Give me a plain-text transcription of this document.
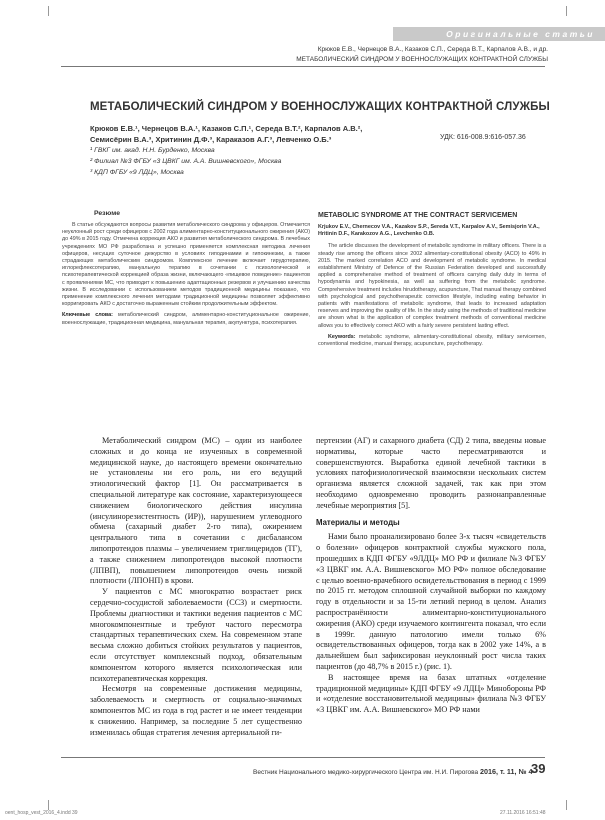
Оригинальные статьи
Крюков Е.В., Чернецов В.А., Казаков С.П., Середа В.Т., Карпалов А.В., и др.
МЕТАБОЛИЧЕСКИЙ СИНДРОМ У ВОЕННОСЛУЖАЩИХ КОНТРАКТНОЙ СЛУЖБЫ
МЕТАБОЛИЧЕСКИЙ СИНДРОМ У ВОЕННОСЛУЖАЩИХ КОНТРАКТНОЙ СЛУЖБЫ
Крюков Е.В.¹, Чернецов В.А.¹, Казаков С.П.¹, Середа В.Т.², Карпалов А.В.²,
Семисёрин В.А.³, Хритинин Д.Ф.³, Караказов А.Г.³, Левченко О.Б.³	УДК: 616-008.9:616-057.36
¹ ГВКГ им. акад. Н.Н. Бурденко, Москва
² Филиал №3 ФГБУ «3 ЦВКГ им. А.А. Вишневского», Москва
³ КДП ФГБУ «9 ЛДЦ», Москва
Резюме
В статье обсуждаются вопросы развития метаболического синдрома у офицеров. Отмечается неуклонный рост среди офицеров с 2002 года алиментарно-конституционального ожирения (АКО) до 49% в 2015 году. Отмечена коррекция АКО и развития метаболического синдрома. В лечебных учреждениях МО РФ разработана и успешно применяется комплексная методика лечения офицеров, несущих суточное дежурство в условиях гиподинамии и гипокинезии, а также страдающих метаболическим синдромом. Комплексное лечение включает гирудотерапию, иглорефлексотерапию, мануальную терапию в сочетании с психологической и психотерапевтической коррекцией образа жизни, включающего «пищевое поведение» пациентов с проявлениями МС, что приводит к повышению адаптационных резервов и улучшению качества жизни. В исследовании с использованием методов традиционной медицины показано, что применение комплексного лечения методами традиционной медицины позволяет эффективно корригировать АКО с достаточно выраженным стойким продолжительным эффектом.
Ключевые слова: метаболический синдром, алиментарно-конституциональное ожирение, военнослужащие, традиционная медицина, мануальная терапия, акупунктура, психотерапия.
METABOLIC SYNDROME AT THE CONTRACT SERVICEMEN
Krjukov E.V., Chernecov V.A., Kazakov S.P., Sereda V.T., Karpalov A.V., Semisjorin V.A., Hritinin D.F., Karakozov A.G., Levchenko O.B.
The article discusses the development of metabolic syndrome in military officers. There is a steady rise among the officers since 2002 alimentary-constitutional obesity (ACO) to 49% in 2015. The marked correlation ACO and development of metabolic syndrome. In medical establishment Ministry of Defence of the Russian Federation developed and successfully applied a comprehensive method of treatment of officers carrying daily duty in terms of hypodynamia and hypokinesia, as well as suffering from the metabolic syndrome. Comprehensive treatment includes hirudotherapy, acupuncture, That manual therapy combined with psychological and psychotherapeutic correction lifestyle, including eating behavior in patients with manifestations of metabolic syndrome, that leads to increased adaptation reserves and improving the quality of life. In the study using the methods of traditional medicine are shown what is the application of complex treatment methods of conventional medicine allows you to effectively correct AKO with a fairly severe persistent lasting effect.
Keywords: metabolic syndrome, alimentary-constitutional obesity, military servicemen, conventional medicine, manual therapy, acupuncture, psychotherapy.

Метаболический синдром (МС) – один из наиболее сложных и до конца не изученных в современной медицинской науке, до настоящего времени окончательно не установлены ни его роль, ни его ведущий этиологический фактор [1]. Он рассматривается в специальной литературе как состояние, характеризующееся снижением биологического действия инсулина (инсулинорезистентность (ИР)), нарушением углеводного обмена (сахарный диабет 2-го типа), ожирением центрального типа в сочетании с дисбалансом липопротеидов плазмы – увеличением триглицеридов (ТГ), а также снижением липопротеидов высокой плотности (ЛПВП), повышением липопротеидов очень низкой плотности (ЛПОНП) в крови.

У пациентов с МС многократно возрастает риск сердечно-сосудистой заболеваемости (ССЗ) и смертности. Проблемы диагностики и тактики ведения пациентов с МС многокомпонентные и требуют частого пересмотра стандартных терапевтических схем. На современном этапе весьма сложно добиться стойких результатов у пациентов, если отсутствует комплексный подход, обязательным компонентом которого является психологическая или психотерапевтическая коррекция.

Несмотря на современные достижения медицины, заболеваемость и смертность от социально-значимых компонентов МС из года в год растет и не имеет тенденции к снижению. Например, за последние 5 лет существенно изменилась общая стратегия лечения артериальной ги-

пертензии (АГ) и сахарного диабета (СД) 2 типа, введены новые нормативы, которые часто пересматриваются и совершенствуются. Выработка единой лечебной тактики в условиях патофизиологической взаимосвязи нескольких систем организма является сложной задачей, так как при этом необходимо одновременно проводить разнонаправленные лечебные мероприятия [5].

Материалы и методы

Нами было проанализировано более 3-х тысяч «свидетельств о болезни» офицеров контрактной службы мужского пола, прошедших в КДП ФГБУ «9ЛДЦ» МО РФ и филиале №3 ФГБУ «3 ЦВКГ им. А.А. Вишневского» МО РФ» полное обследование с целью военно-врачебного освидетельствования в период с 1999 по 2015 гг. методом сплошной случайной выборки по каждому году в отдельности и за 15-ти летний период в целом. Анализ распространённости алиментарно-конституционального ожирения (АКО) среди изучаемого контингента показал, что если в 1999г. данную патологию имели только 6% освидетельствованных офицеров, тогда как в 2002 уже 14%, а в дальнейшем был зафиксирован неуклонный рост числа таких пациентов (до 48,7% в 2015 г.) (рис. 1).

В настоящее время на базах штатных «отделение традиционной медицины» КДП ФГБУ «9 ЛДЦ» Минобороны РФ и «отделение восстановительной медицины» филиала №3 ФГБУ «3 ЦВКГ им. А.А. Вишневского» МО РФ нами

Вестник Национального медико-хирургического Центра им. Н.И. Пирогова 2016, т. 11, № 4
39
oent_hosp_vest_2016_4.indd 39	27.11.2016 16:51:48
